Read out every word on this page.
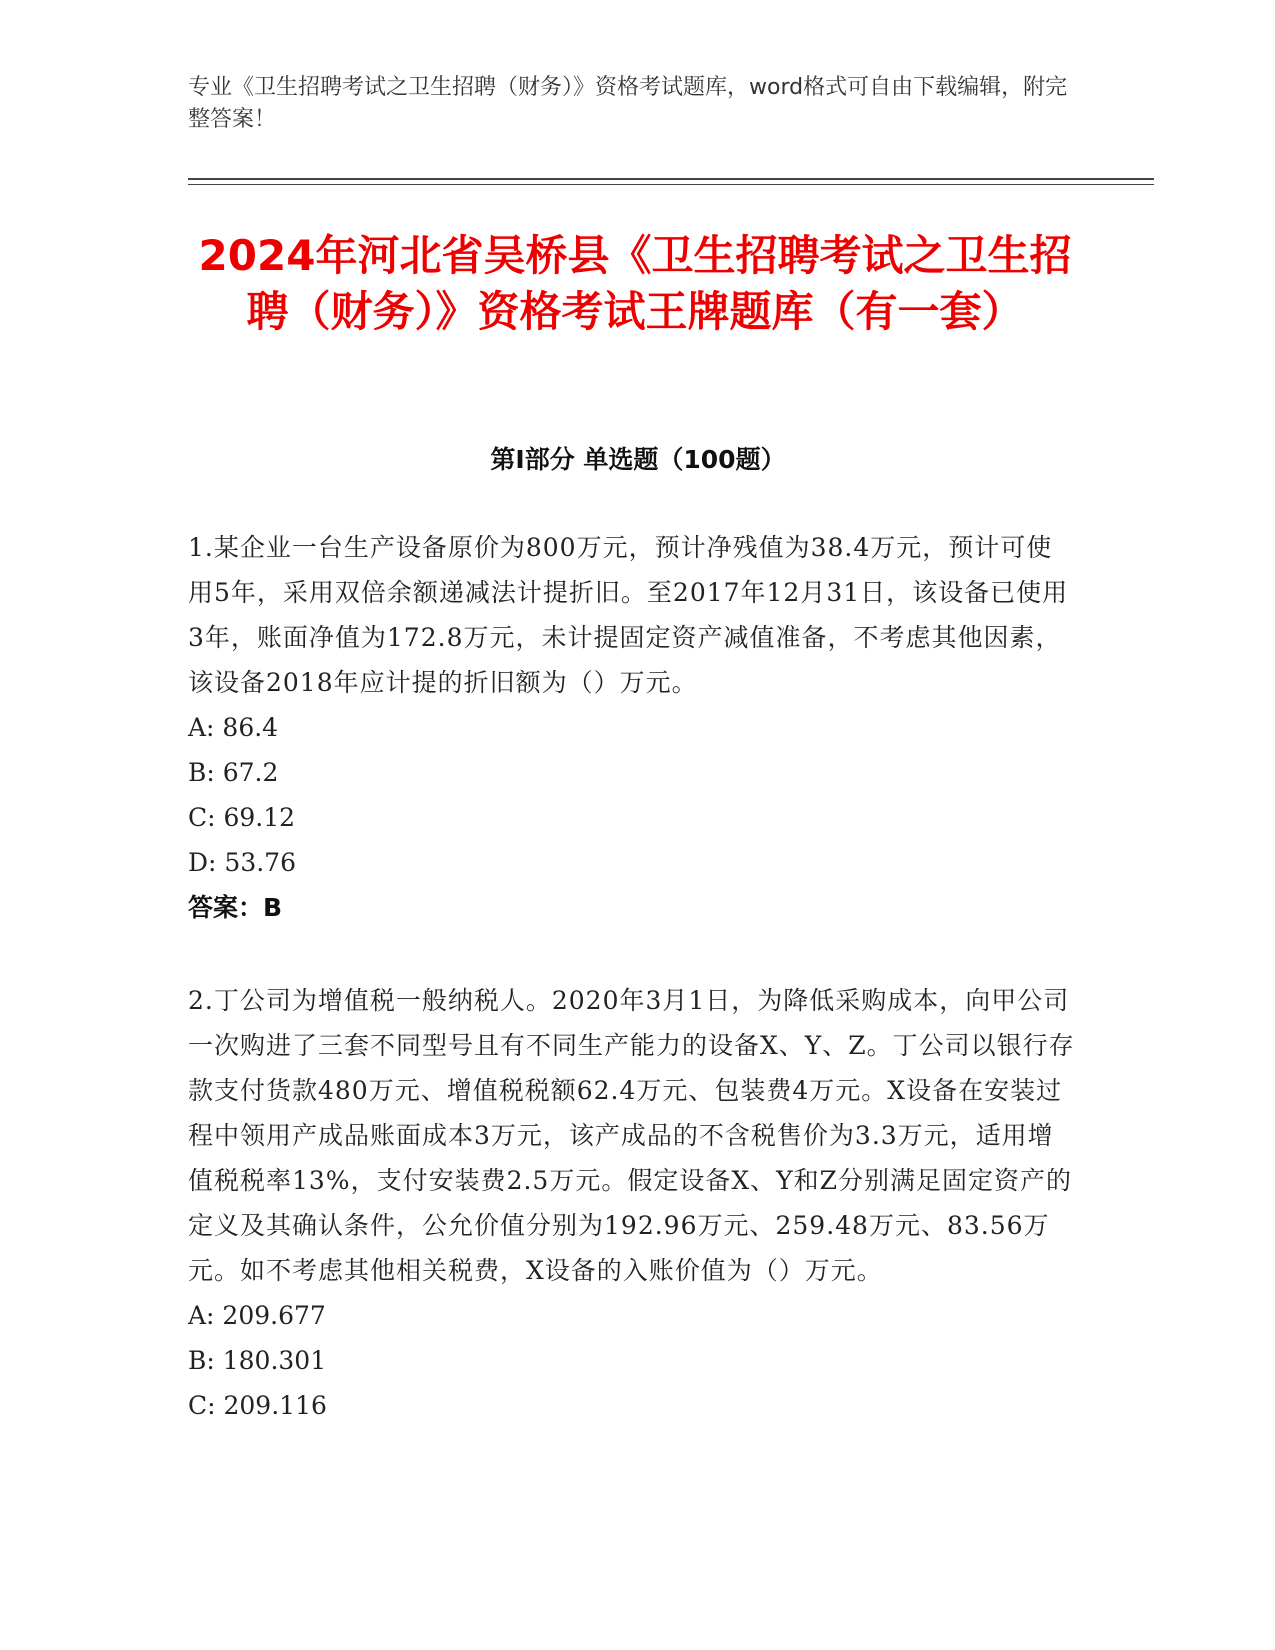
专业《卫生招聘考试之卫生招聘（财务）》资格考试题库，word格式可自由下载编辑，附完整答案！
2024年河北省吴桥县《卫生招聘考试之卫生招聘（财务）》资格考试王牌题库（有一套）
第I部分 单选题（100题）

1.某企业一台生产设备原价为800万元，预计净残值为38.4万元，预计可使用5年，采用双倍余额递减法计提折旧。至2017年12月31日，该设备已使用3年，账面净值为172.8万元，未计提固定资产减值准备，不考虑其他因素，该设备2018年应计提的折旧额为（）万元。

A: 86.4

B: 67.2

C: 69.12

D: 53.76

答案：B

2.丁公司为增值税一般纳税人。2020年3月1日，为降低采购成本，向甲公司一次购进了三套不同型号且有不同生产能力的设备X、Y、Z。丁公司以银行存款支付货款480万元、增值税税额62.4万元、包装费4万元。X设备在安装过程中领用产成品账面成本3万元，该产成品的不含税售价为3.3万元，适用增值税税率13%，支付安装费2.5万元。假定设备X、Y和Z分别满足固定资产的定义及其确认条件，公允价值分别为192.96万元、259.48万元、83.56万元。如不考虑其他相关税费，X设备的入账价值为（）万元。

A: 209.677

B: 180.301

C: 209.116
